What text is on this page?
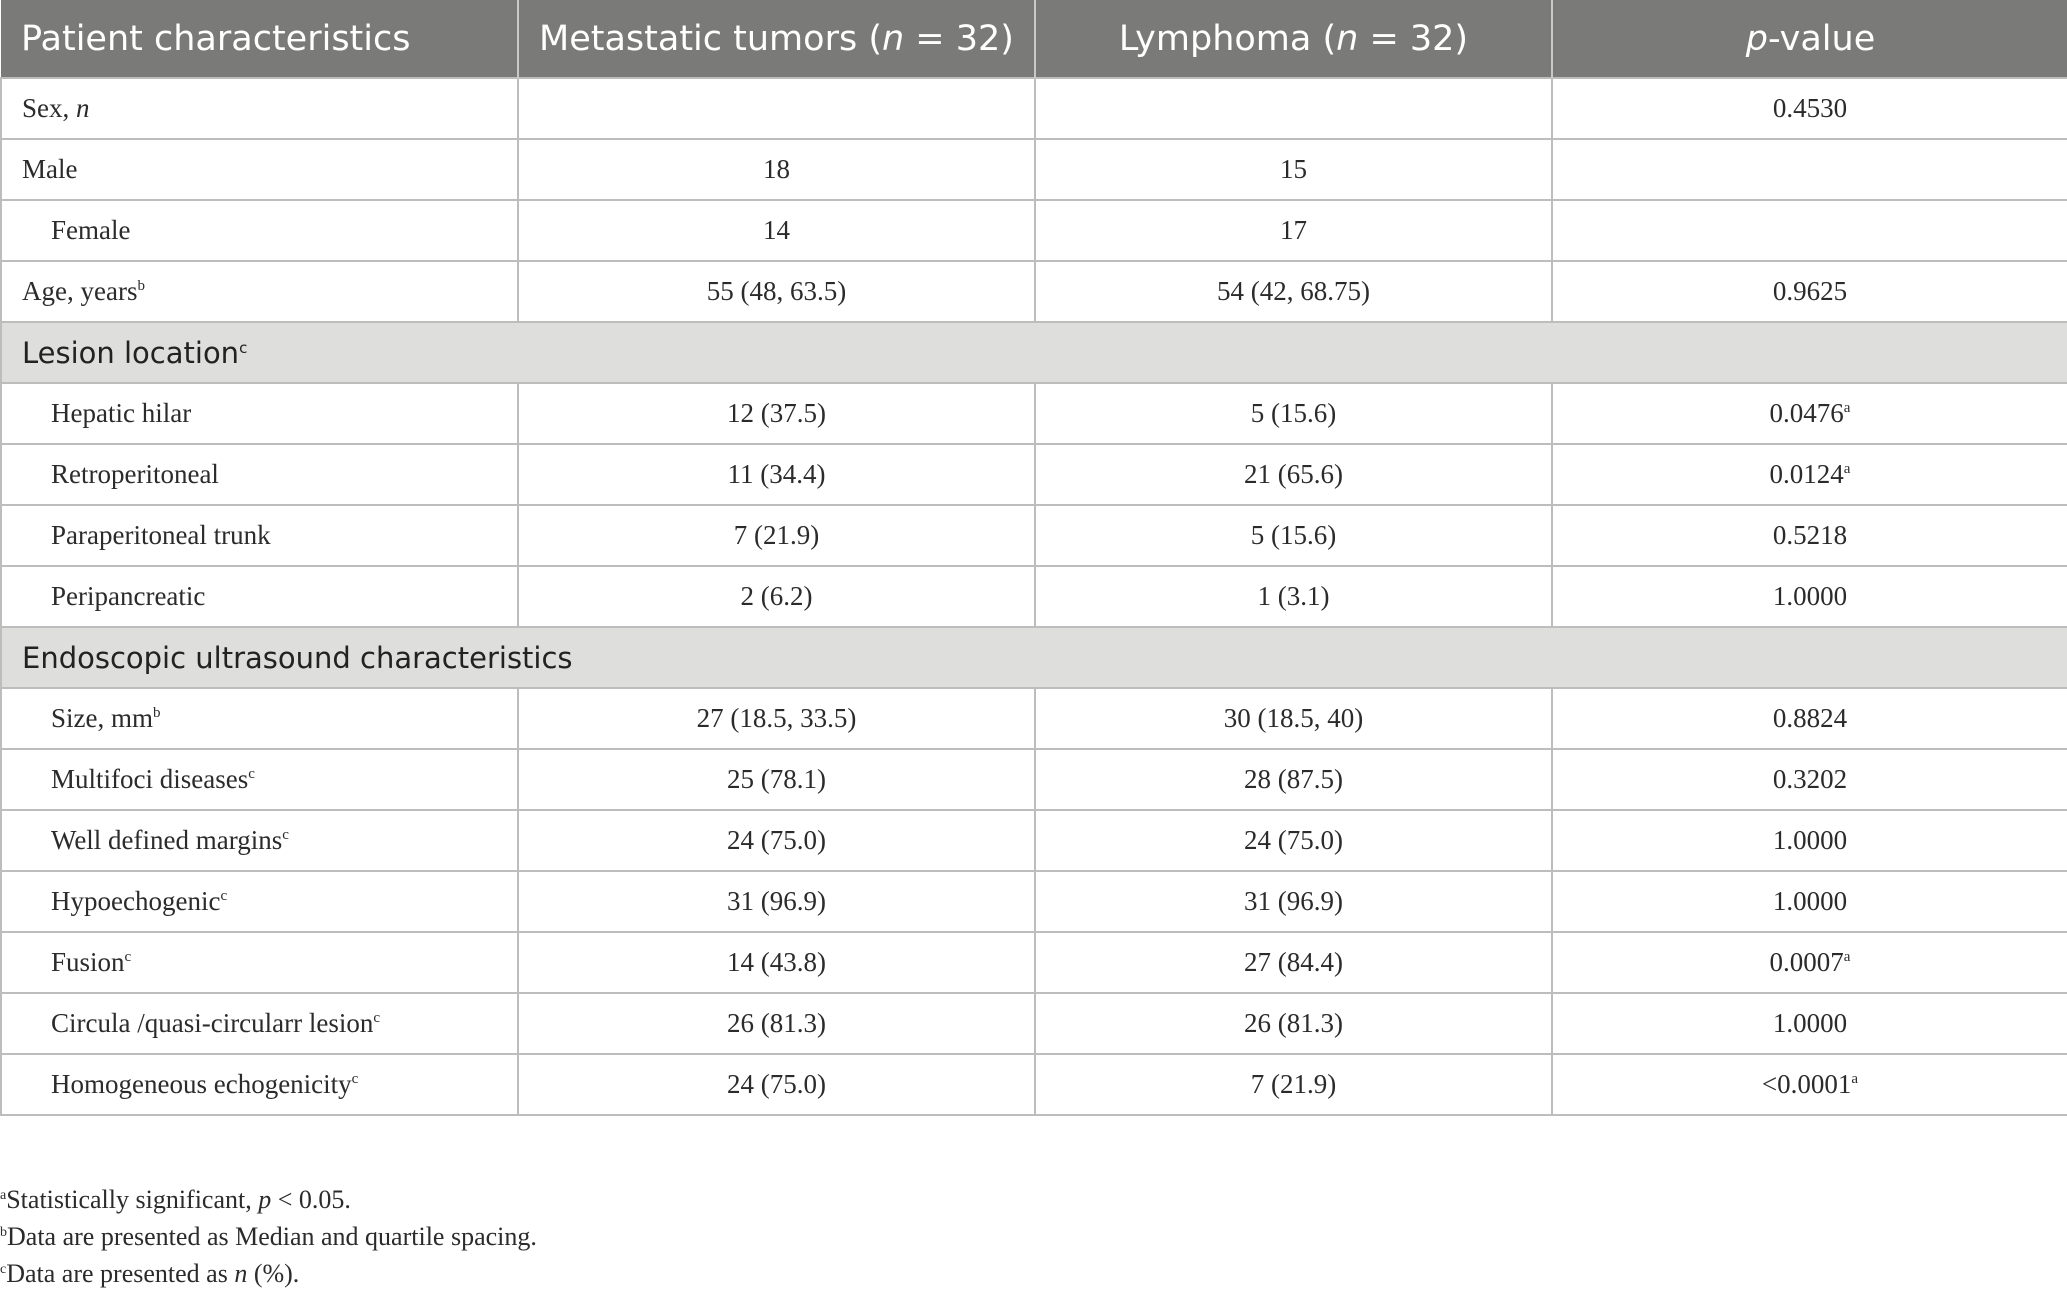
Patient characteristics	Metastatic tumors (n = 32)	Lymphoma (n = 32)	p-value
Sex, n			0.4530
Male	18	15	
Female	14	17	
Age, years$^b$	55 (48, 63.5)	54 (42, 68.75)	0.9625
Lesion location$^c$
Hepatic hilar	12 (37.5)	5 (15.6)	0.0476$^a$
Retroperitoneal	11 (34.4)	21 (65.6)	0.0124$^a$
Paraperitoneal trunk	7 (21.9)	5 (15.6)	0.5218
Peripancreatic	2 (6.2)	1 (3.1)	1.0000
Endoscopic ultrasound characteristics			
Size, $mm^b$	27 (18.5, 33.5)	30 (18.5, 40)	0.8824
Multifoci diseases$^c$	25 (78.1)	28 (87.5)	0.3202
Well defined margins$^c$	24 (75.0)	24 (75.0)	1.0000
Hypoechogenic$^c$	31 (96.9)	31 (96.9)	1.0000
Fusion$^c$	14 (43.8)	27 (84.4)	0.0007$^a$
Circula /quasi-circularr lesion$^c$	26 (81.3)	26 (81.3)	1.0000
Homogeneous echogenicity$^c$	24 (75.0)	7 (21.9)	<0.0001$^a$
$^a$Statistically significant, p < 0.05.
$^b$Data are presented as Median and quartile spacing.
$^c$Data are presented as n (%).
